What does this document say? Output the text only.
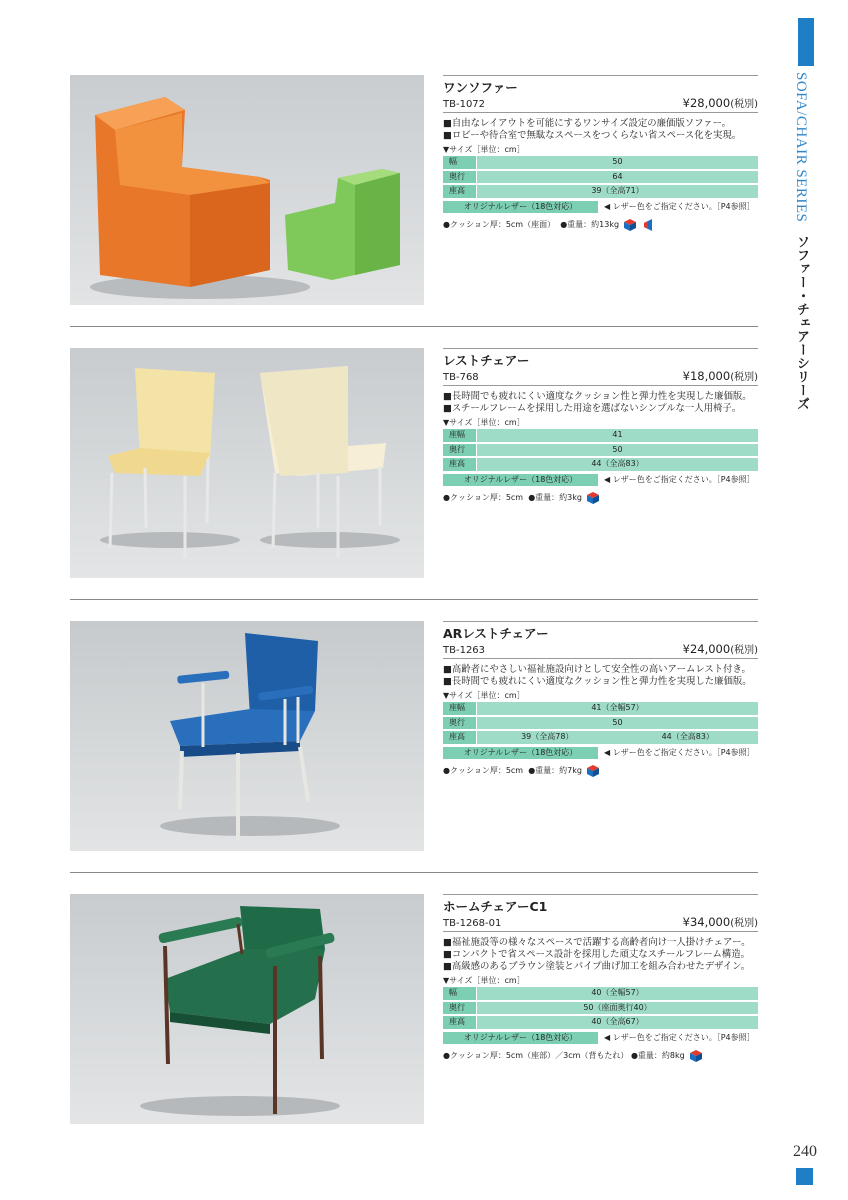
SOFA/CHAIR SERIES ソファー・チェアーシリーズ
ワンソファー
TB-1072	¥28,000(税別)
■自由なレイアウトを可能にするワンサイズ設定の廉価版ソファー。
■ロビーや待合室で無駄なスペースをつくらない省スペース化を実現。
▼サイズ［単位：cm］
幅	50
奥行	64
座高	39（全高71）
オリジナルレザー（18色対応）	◀ レザー色をご指定ください。［P4参照］
●クッション厚：5cm（座面）
●重量：約13kg
レストチェアー
TB-768	¥18,000(税別)
■長時間でも疲れにくい適度なクッション性と弾力性を実現した廉価版。
■スチールフレームを採用した用途を選ばないシンプルな一人用椅子。
▼サイズ［単位：cm］
座幅	41
奥行	50
座高	44（全高83）
オリジナルレザー（18色対応）	◀ レザー色をご指定ください。［P4参照］
●クッション厚：5cm
●重量：約3kg
ARレストチェアー
TB-1263	¥24,000(税別)
■高齢者にやさしい福祉施設向けとして安全性の高いアームレスト付き。
■長時間でも疲れにくい適度なクッション性と弾力性を実現した廉価版。
▼サイズ［単位：cm］
座幅	41（全幅57）
奥行	50
座高	39（全高78）	44（全高83）
オリジナルレザー（18色対応）	◀ レザー色をご指定ください。［P4参照］
●クッション厚：5cm
●重量：約7kg
ホームチェアーC1
TB-1268-01	¥34,000(税別)
■福祉施設等の様々なスペースで活躍する高齢者向け一人掛けチェアー。
■コンパクトで省スペース設計を採用した頑丈なスチールフレーム構造。
■高級感のあるブラウン塗装とパイプ曲げ加工を組み合わせたデザイン。
▼サイズ［単位：cm］
幅	40（全幅57）
奥行	50（座面奥行40）
座高	40（全高67）
オリジナルレザー（18色対応）	◀ レザー色をご指定ください。［P4参照］
●クッション厚：5cm（座部）／3cm（背もたれ）
●重量：約8kg
240
